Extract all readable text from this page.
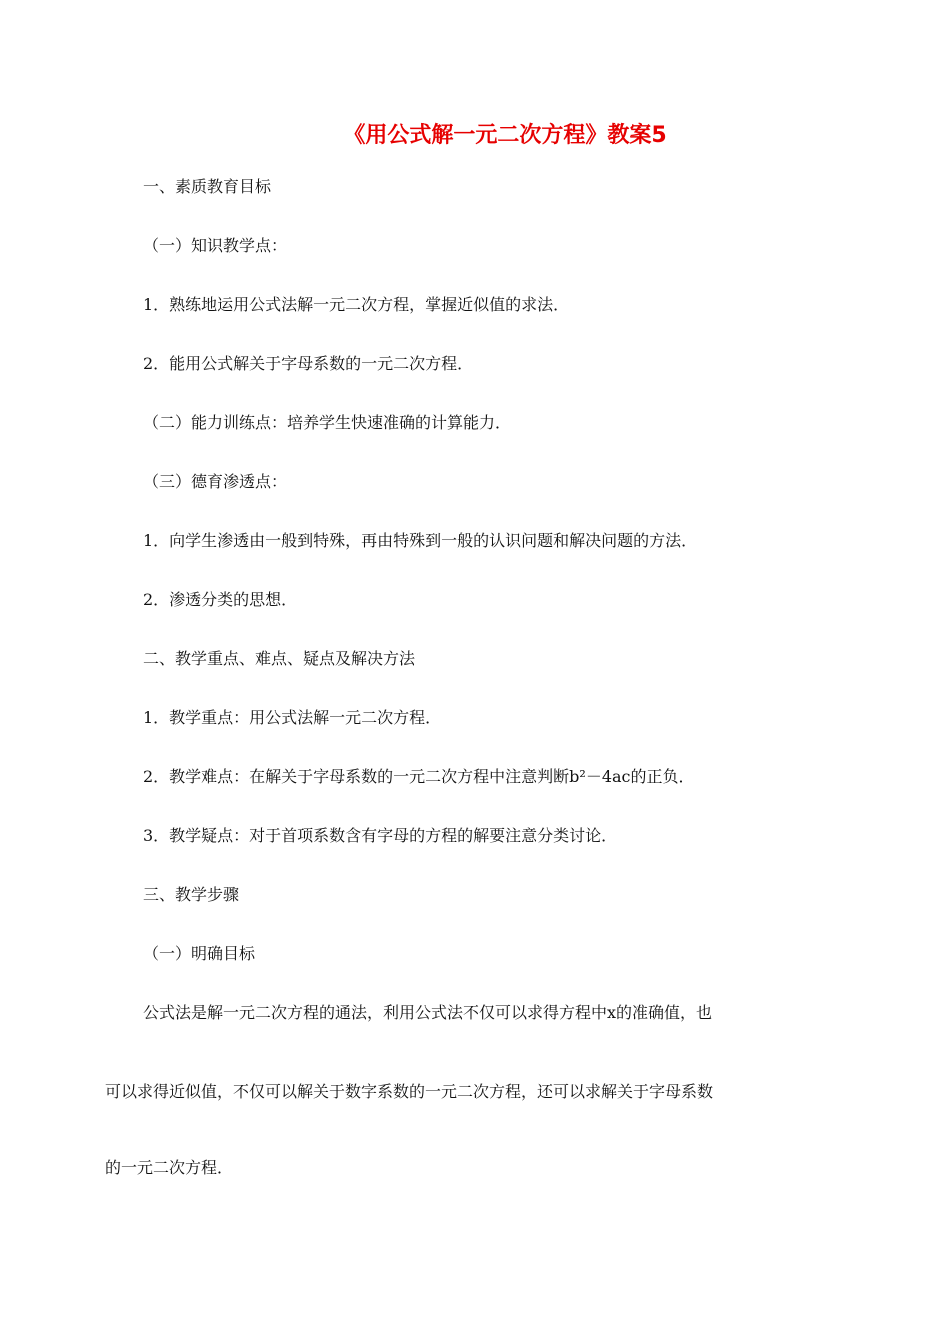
《用公式解一元二次方程》教案5
一、素质教育目标
（一）知识教学点：
1．熟练地运用公式法解一元二次方程，掌握近似值的求法．
2．能用公式解关于字母系数的一元二次方程．
（二）能力训练点：培养学生快速准确的计算能力．
（三）德育渗透点：
1．向学生渗透由一般到特殊，再由特殊到一般的认识问题和解决问题的方法．
2．渗透分类的思想．
二、教学重点、难点、疑点及解决方法
1．教学重点：用公式法解一元二次方程．
2．教学难点：在解关于字母系数的一元二次方程中注意判断b²－4ac的正负．
3．教学疑点：对于首项系数含有字母的方程的解要注意分类讨论．
三、教学步骤
（一）明确目标
公式法是解一元二次方程的通法，利用公式法不仅可以求得方程中x的准确值，也
可以求得近似值，不仅可以解关于数字系数的一元二次方程，还可以求解关于字母系数
的一元二次方程．
